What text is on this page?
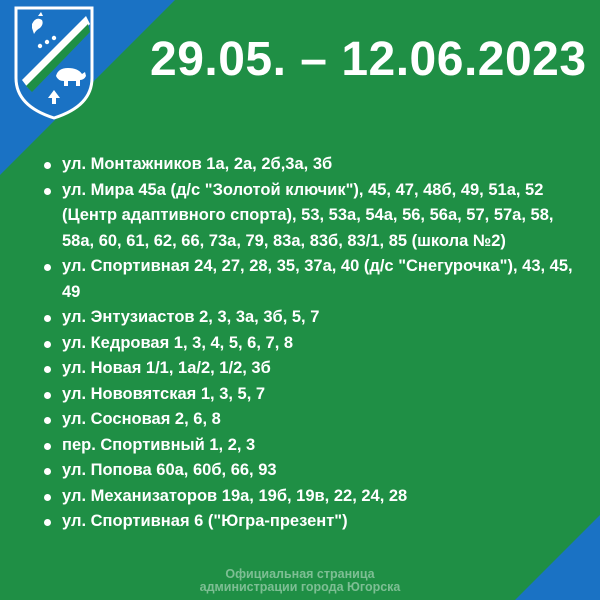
29.05. – 12.06.2023
ул. Монтажников 1а, 2а, 2б,3а, 3б
ул. Мира 45а (д/с "Золотой ключик"), 45, 47, 48б, 49, 51а, 52 (Центр адаптивного спорта), 53, 53а, 54а, 56, 56а, 57, 57а, 58, 58а, 60, 61, 62, 66, 73а, 79, 83а, 83б, 83/1, 85 (школа №2)
ул. Спортивная 24, 27, 28, 35, 37а, 40 (д/с "Снегурочка"), 43, 45, 49
ул. Энтузиастов 2, 3, 3а, 3б, 5, 7
ул. Кедровая 1, 3, 4, 5, 6, 7, 8
ул. Новая 1/1, 1а/2, 1/2, 3б
ул. Нововятская 1, 3, 5, 7
ул. Сосновая 2, 6, 8
пер. Спортивный 1, 2, 3
ул. Попова 60а, 60б, 66, 93
ул. Механизаторов 19а, 19б, 19в, 22, 24, 28
ул. Спортивная 6 ("Югра-презент")
Официальная страница
администрации города Югорска
